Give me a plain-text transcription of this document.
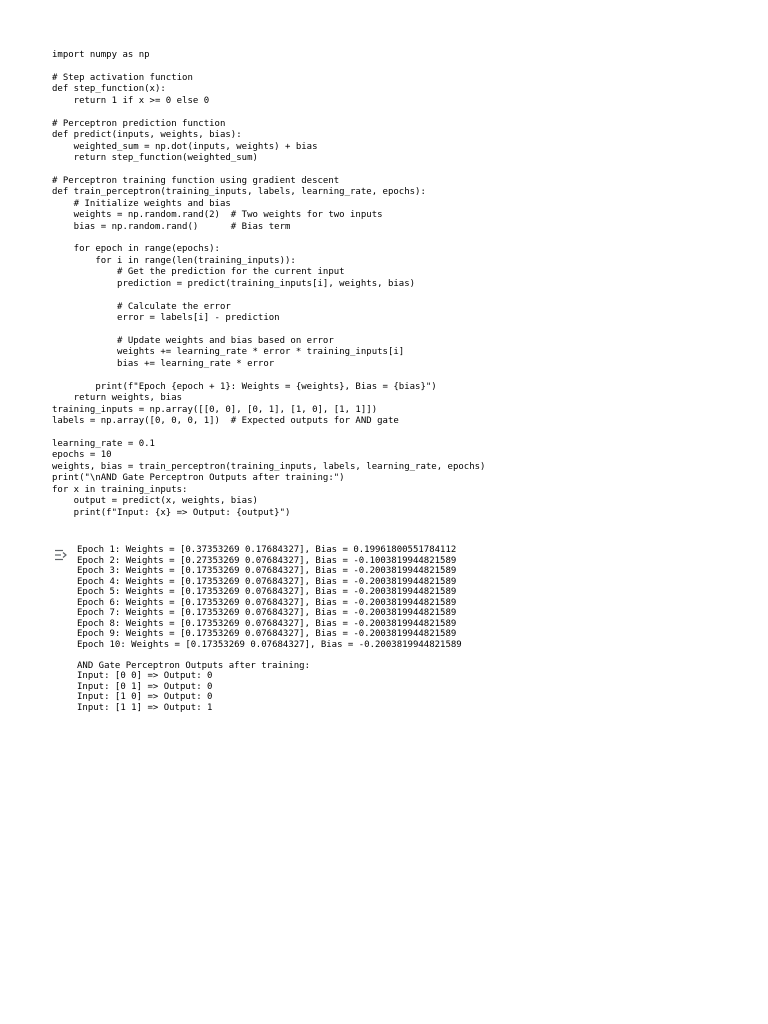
import numpy as np
# Step activation function
def step_function(x):
return 1 if x >= 0 else 0
# Perceptron prediction function
def predict(inputs, weights, bias):
weighted_sum = np.dot(inputs, weights) + bias
return step_function(weighted_sum)
# Perceptron training function using gradient descent
def train_perceptron(training_inputs, labels, learning_rate, epochs):
# Initialize weights and bias
weights = np.random.rand(2)  # Two weights for two inputs
bias = np.random.rand()      # Bias term
for epoch in range(epochs):
for i in range(len(training_inputs)):
# Get the prediction for the current input
prediction = predict(training_inputs[i], weights, bias)
# Calculate the error
error = labels[i] - prediction
# Update weights and bias based on error
weights += learning_rate * error * training_inputs[i]
bias += learning_rate * error
print(f"Epoch {epoch + 1}: Weights = {weights}, Bias = {bias}")
return weights, bias
training_inputs = np.array([[0, 0], [0, 1], [1, 0], [1, 1]])
labels = np.array([0, 0, 0, 1])  # Expected outputs for AND gate
learning_rate = 0.1
epochs = 10
weights, bias = train_perceptron(training_inputs, labels, learning_rate, epochs)
print("\nAND Gate Perceptron Outputs after training:")
for x in training_inputs:
output = predict(x, weights, bias)
print(f"Input: {x} => Output: {output}")
Epoch 1: Weights = [0.37353269 0.17684327], Bias = 0.19961800551784112
Epoch 2: Weights = [0.27353269 0.07684327], Bias = -0.1003819944821589
Epoch 3: Weights = [0.17353269 0.07684327], Bias = -0.2003819944821589
Epoch 4: Weights = [0.17353269 0.07684327], Bias = -0.2003819944821589
Epoch 5: Weights = [0.17353269 0.07684327], Bias = -0.2003819944821589
Epoch 6: Weights = [0.17353269 0.07684327], Bias = -0.2003819944821589
Epoch 7: Weights = [0.17353269 0.07684327], Bias = -0.2003819944821589
Epoch 8: Weights = [0.17353269 0.07684327], Bias = -0.2003819944821589
Epoch 9: Weights = [0.17353269 0.07684327], Bias = -0.2003819944821589
Epoch 10: Weights = [0.17353269 0.07684327], Bias = -0.2003819944821589
AND Gate Perceptron Outputs after training:
Input: [0 0] => Output: 0
Input: [0 1] => Output: 0
Input: [1 0] => Output: 0
Input: [1 1] => Output: 1
